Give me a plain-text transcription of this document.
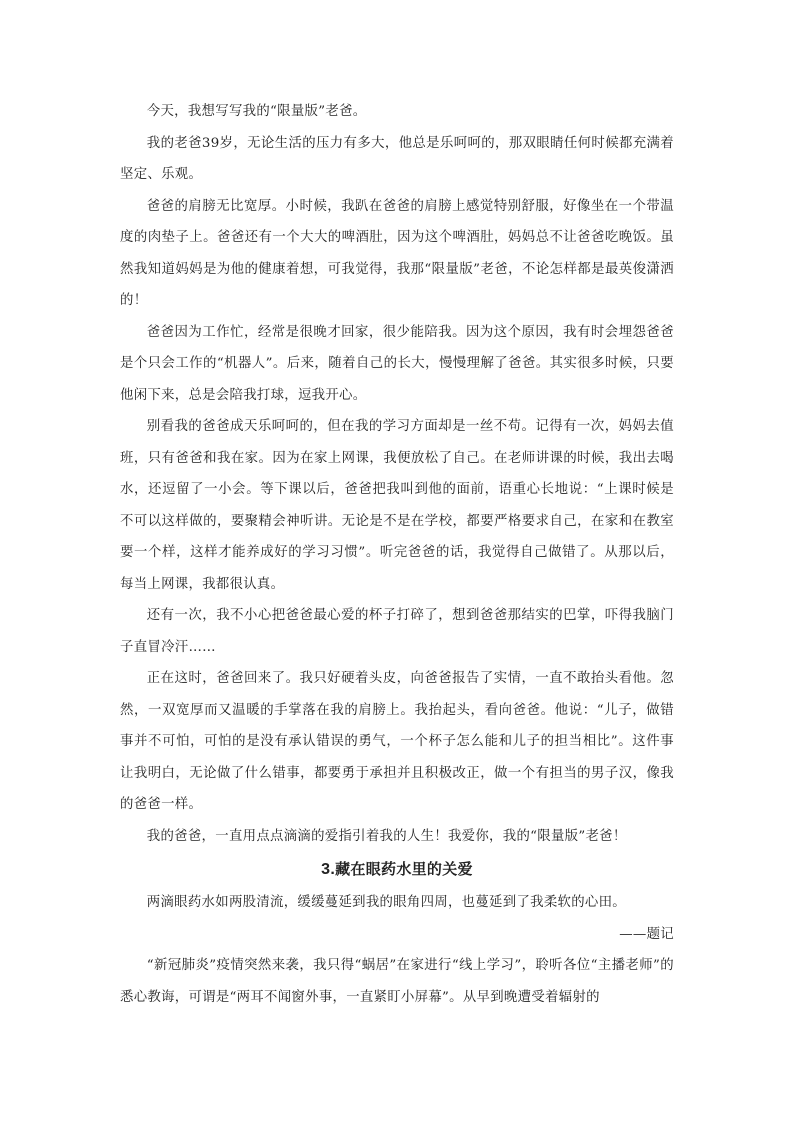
今天，我想写写我的“限量版”老爸。

我的老爸39岁，无论生活的压力有多大，他总是乐呵呵的，那双眼睛任何时候都充满着坚定、乐观。

爸爸的肩膀无比宽厚。小时候，我趴在爸爸的肩膀上感觉特别舒服，好像坐在一个带温度的肉垫子上。爸爸还有一个大大的啤酒肚，因为这个啤酒肚，妈妈总不让爸爸吃晚饭。虽然我知道妈妈是为他的健康着想，可我觉得，我那“限量版”老爸，不论怎样都是最英俊潇洒的！

爸爸因为工作忙，经常是很晚才回家，很少能陪我。因为这个原因，我有时会埋怨爸爸是个只会工作的“机器人”。后来，随着自己的长大，慢慢理解了爸爸。其实很多时候，只要他闲下来，总是会陪我打球，逗我开心。

别看我的爸爸成天乐呵呵的，但在我的学习方面却是一丝不苟。记得有一次，妈妈去值班，只有爸爸和我在家。因为在家上网课，我便放松了自己。在老师讲课的时候，我出去喝水，还逗留了一小会。等下课以后，爸爸把我叫到他的面前，语重心长地说：“上课时候是不可以这样做的，要聚精会神听讲。无论是不是在学校，都要严格要求自己，在家和在教室要一个样，这样才能养成好的学习习惯”。听完爸爸的话，我觉得自己做错了。从那以后，每当上网课，我都很认真。

还有一次，我不小心把爸爸最心爱的杯子打碎了，想到爸爸那结实的巴掌，吓得我脑门子直冒冷汗……

正在这时，爸爸回来了。我只好硬着头皮，向爸爸报告了实情，一直不敢抬头看他。忽然，一双宽厚而又温暖的手掌落在我的肩膀上。我抬起头，看向爸爸。他说：“儿子，做错事并不可怕，可怕的是没有承认错误的勇气，一个杯子怎么能和儿子的担当相比”。这件事让我明白，无论做了什么错事，都要勇于承担并且积极改正，做一个有担当的男子汉，像我的爸爸一样。

我的爸爸，一直用点点滴滴的爱指引着我的人生！我爱你，我的“限量版”老爸！

3.藏在眼药水里的关爱

两滴眼药水如两股清流，缓缓蔓延到我的眼角四周，也蔓延到了我柔软的心田。

——题记

“新冠肺炎”疫情突然来袭，我只得“蜗居”在家进行“线上学习”，聆听各位“主播老师”的悉心教诲，可谓是“两耳不闻窗外事，一直紧盯小屏幕”。从早到晚遭受着辐射的
